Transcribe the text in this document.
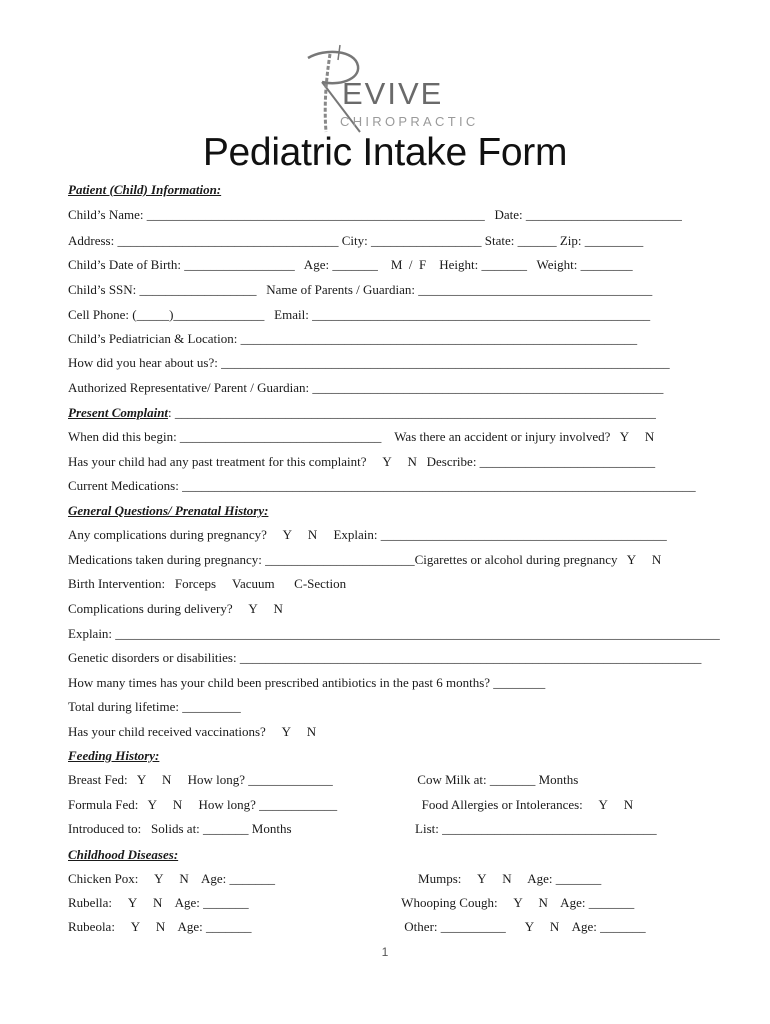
EVIVE
CHIROPRACTIC
Pediatric Intake Form
Patient (Child) Information:
Child’s Name: ____________________________________________________   Date: ________________________
Address: __________________________________ City: _________________ State: ______ Zip: _________
Child’s Date of Birth: _________________   Age: _______    M  /  F    Height: _______   Weight: ________
Child’s SSN: __________________   Name of Parents / Guardian: ____________________________________
Cell Phone: (_____)______________   Email: ____________________________________________________
Child’s Pediatrician & Location: _____________________________________________________________
How did you hear about us?: _____________________________________________________________________
Authorized Representative/ Parent / Guardian: ______________________________________________________
Present Complaint: __________________________________________________________________________
When did this begin: _______________________________    Was there an accident or injury involved?   Y     N
Has your child had any past treatment for this complaint?     Y     N   Describe: ___________________________
Current Medications: _______________________________________________________________________________
General Questions/ Prenatal History:
Any complications during pregnancy?     Y     N     Explain: ____________________________________________
Medications taken during pregnancy: _______________________Cigarettes or alcohol during pregnancy   Y     N
Birth Intervention:   Forceps     Vacuum      C-Section
Complications during delivery?     Y     N
Explain: _____________________________________________________________________________________________
Genetic disorders or disabilities: _______________________________________________________________________
How many times has your child been prescribed antibiotics in the past 6 months? ________
Total during lifetime: _________
Has your child received vaccinations?     Y     N
Feeding History:
Breast Fed:   Y     N     How long? _____________                          Cow Milk at: _______ Months
Formula Fed:   Y     N     How long? ____________                          Food Allergies or Intolerances:     Y     N
Introduced to:   Solids at: _______ Months                                      List: _________________________________
Childhood Diseases:
Chicken Pox:     Y     N    Age: _______                                            Mumps:     Y     N     Age: _______
Rubella:     Y     N    Age: _______                                               Whooping Cough:     Y     N    Age: _______
Rubeola:     Y     N    Age: _______                                               Other: __________      Y     N    Age: _______
1
